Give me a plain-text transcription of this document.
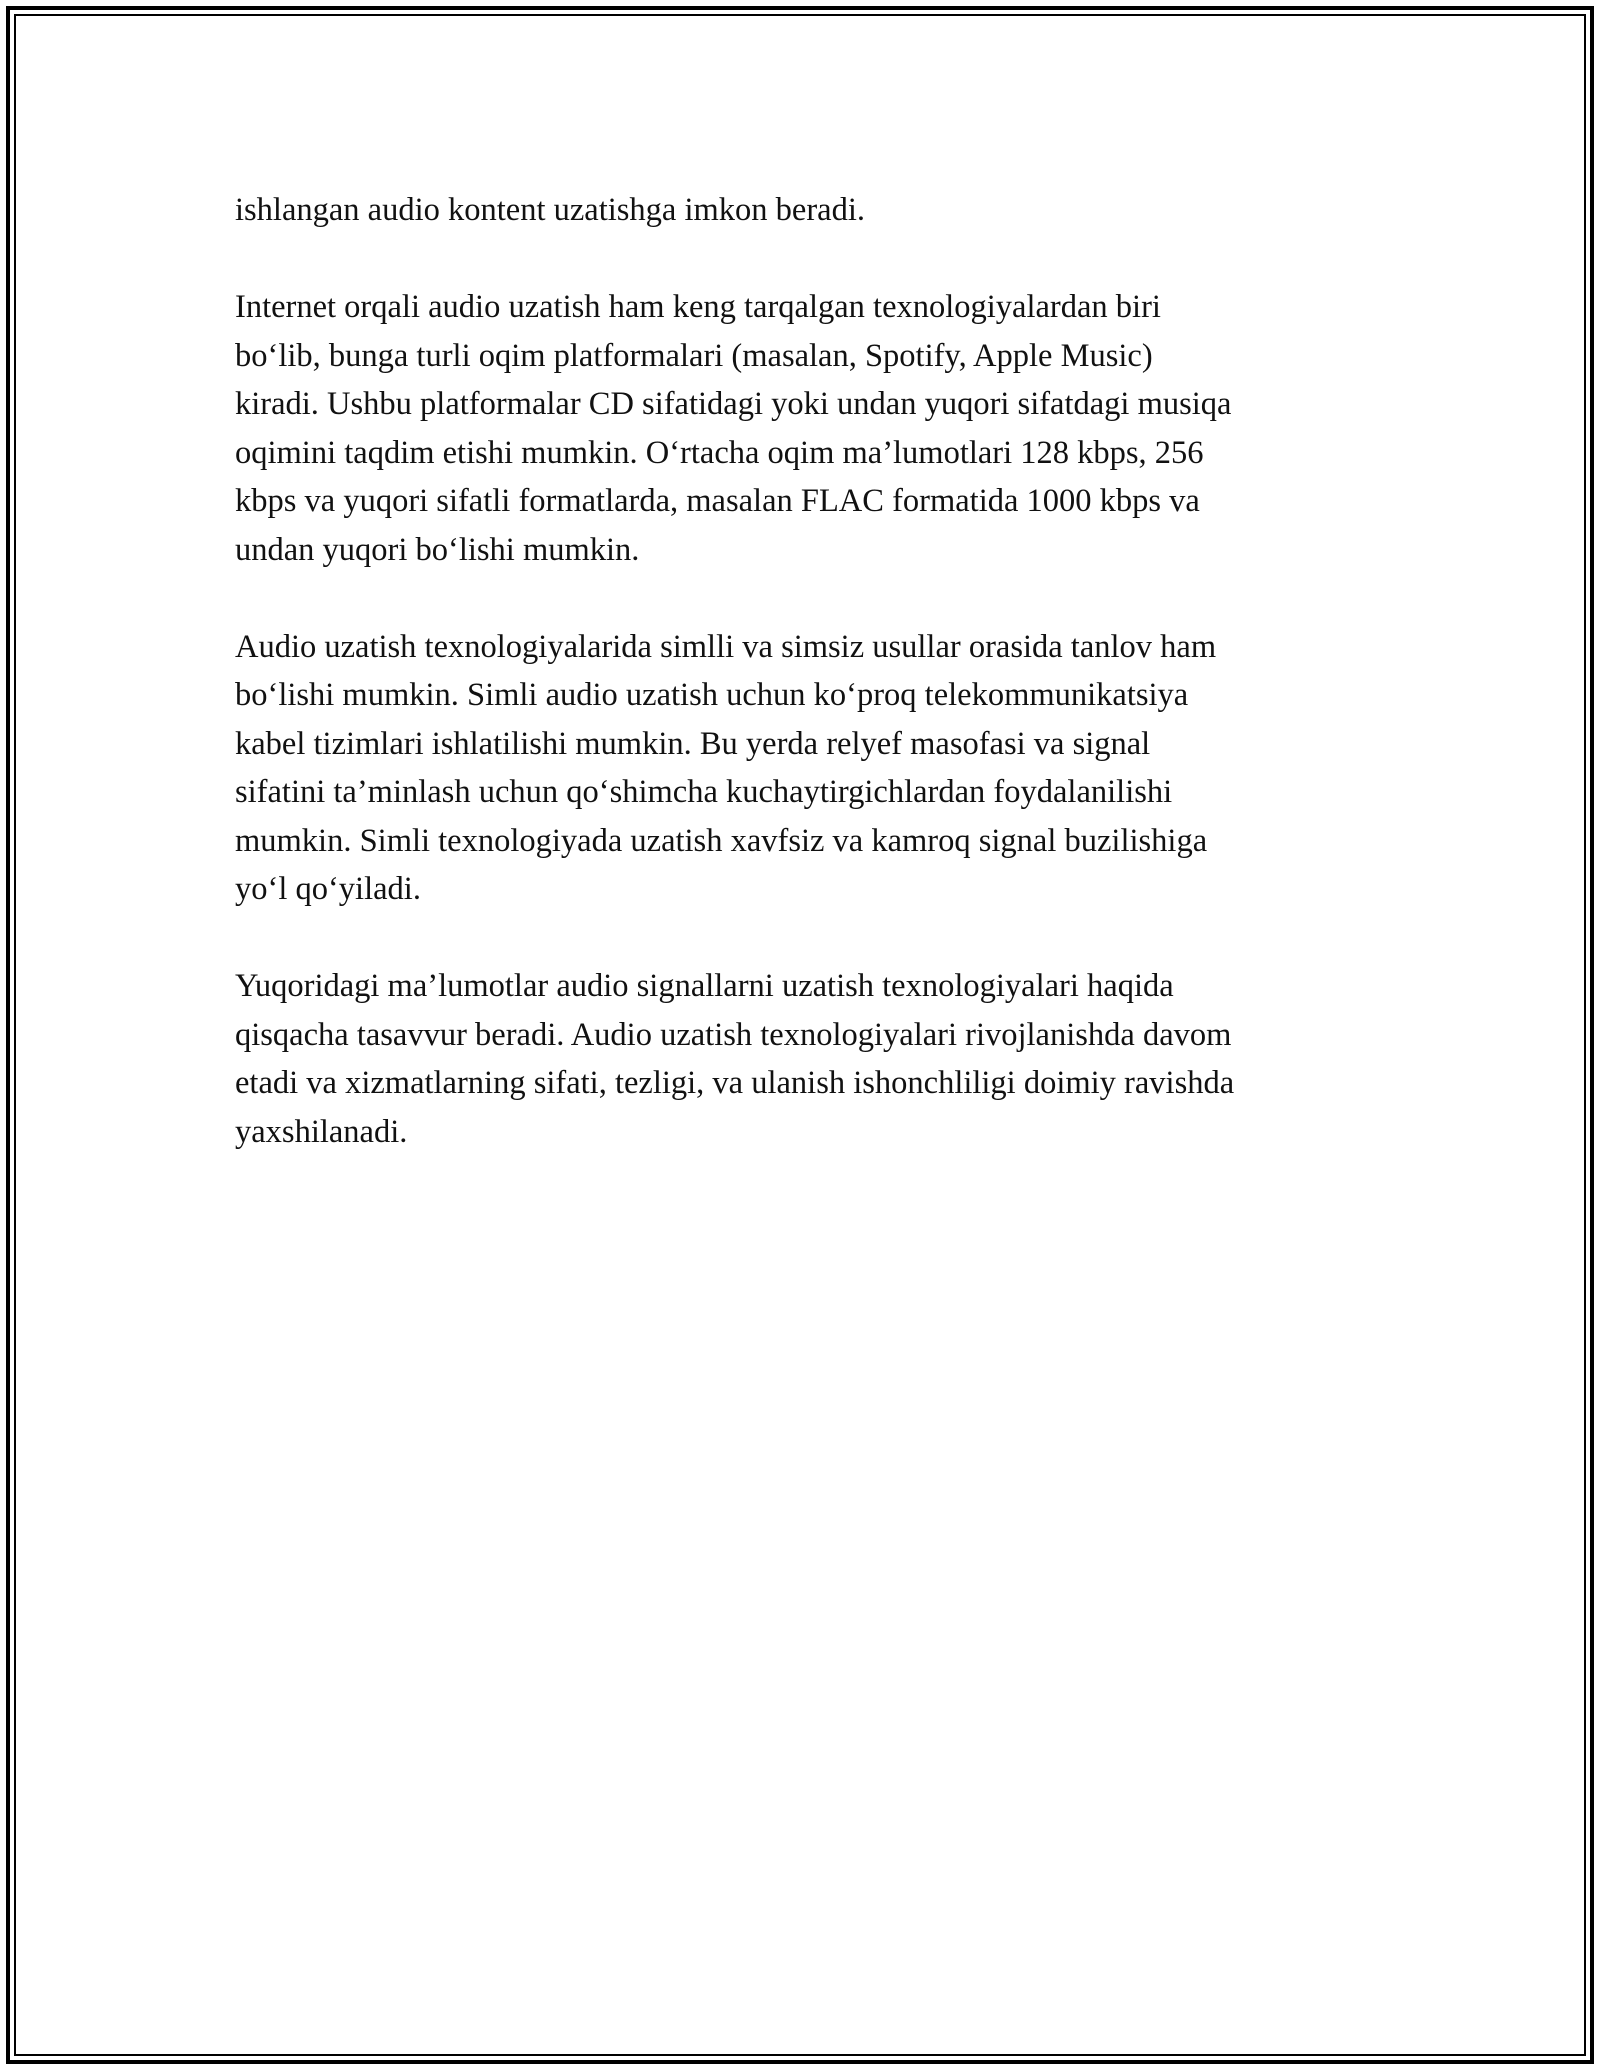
ishlangan audio kontent uzatishga imkon beradi.

Internet orqali audio uzatish ham keng tarqalgan texnologiyalardan biri
bo‘lib, bunga turli oqim platformalari (masalan, Spotify, Apple Music)
kiradi. Ushbu platformalar CD sifatidagi yoki undan yuqori sifatdagi musiqa
oqimini taqdim etishi mumkin. O‘rtacha oqim ma’lumotlari 128 kbps, 256
kbps va yuqori sifatli formatlarda, masalan FLAC formatida 1000 kbps va
undan yuqori bo‘lishi mumkin.

Audio uzatish texnologiyalarida simlli va simsiz usullar orasida tanlov ham
bo‘lishi mumkin. Simli audio uzatish uchun ko‘proq telekommunikatsiya
kabel tizimlari ishlatilishi mumkin. Bu yerda relyef masofasi va signal
sifatini ta’minlash uchun qo‘shimcha kuchaytirgichlardan foydalanilishi
mumkin. Simli texnologiyada uzatish xavfsiz va kamroq signal buzilishiga
yo‘l qo‘yiladi.

Yuqoridagi ma’lumotlar audio signallarni uzatish texnologiyalari haqida
qisqacha tasavvur beradi. Audio uzatish texnologiyalari rivojlanishda davom
etadi va xizmatlarning sifati, tezligi, va ulanish ishonchliligi doimiy ravishda
yaxshilanadi.
